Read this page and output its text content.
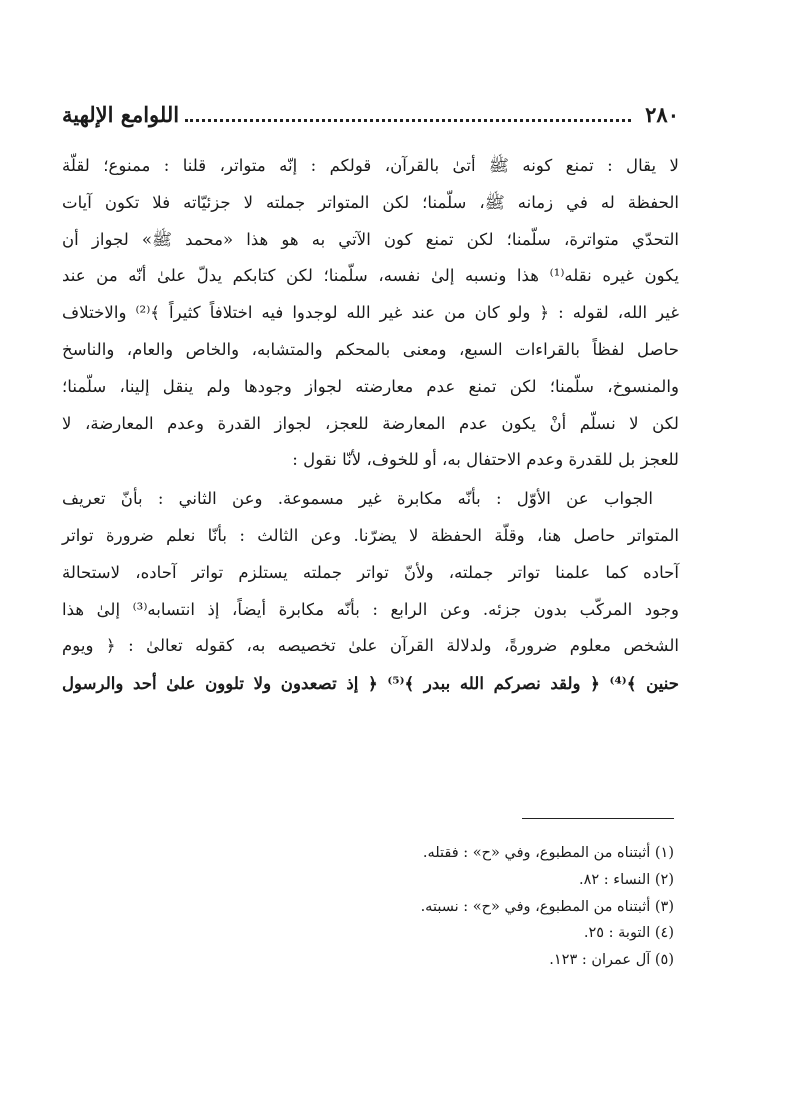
٢٨٠
اللوامع الإلهية

لا يقال : تمنع كونه ﷺ أتىٰ بالقرآن، قولكم : إنّه متواتر، قلنا : ممنوع؛ لقلّة

الحفظة له في زمانه ﷺ، سلّمنا؛ لكن المتواتر جملته لا جزئيّاته فلا تكون آيات

التحدّي متواترة، سلّمنا؛ لكن تمنع كون الآتي به هو هذا «محمد ﷺ» لجواز أن

يكون غيره نقله⁽¹⁾ هذا ونسبه إلىٰ نفسه، سلّمنا؛ لكن كتابكم يدلّ علىٰ أنّه من عند

غير الله، لقوله : ﴿ ولو كان من عند غير الله لوجدوا فيه اختلافاً كثيراً ﴾⁽²⁾ والاختلاف

حاصل لفظاً بالقراءات السبع، ومعنى بالمحكم والمتشابه، والخاص والعام، والناسخ

والمنسوخ، سلّمنا؛ لكن تمنع عدم معارضته لجواز وجودها ولم ينقل إلينا، سلّمنا؛

لكن لا نسلّم أنْ يكون عدم المعارضة للعجز، لجواز القدرة وعدم المعارضة، لا

للعجز بل للقدرة وعدم الاحتفال به، أو للخوف، لأنّا نقول :

الجواب عن الأوّل : بأنّه مكابرة غير مسموعة. وعن الثاني : بأنّ تعريف

المتواتر حاصل هنا، وقلّة الحفظة لا يضرّنا. وعن الثالث : بأنّا نعلم ضرورة تواتر

آحاده كما علمنا تواتر جملته، ولأنّ تواتر جملته يستلزم تواتر آحاده، لاستحالة

وجود المركّب بدون جزئه. وعن الرابع : بأنّه مكابرة أيضاً، إذ انتسابه⁽³⁾ إلىٰ هذا

الشخص معلوم ضرورةً، ولدلالة القرآن علىٰ تخصيصه به، كقوله تعالىٰ : ﴿ ويوم

حنين ﴾⁽⁴⁾ ﴿ ولقد نصركم الله ببدر ﴾⁽⁵⁾ ﴿ إذ تصعدون ولا تلوون علىٰ أحد والرسول

(١) أثبتناه من المطبوع، وفي «ح» : فقتله.
(٢) النساء : ٨٢.
(٣) أثبتناه من المطبوع، وفي «ح» : نسبته.
(٤) التوبة : ٢٥.
(٥) آل عمران : ١٢٣.
